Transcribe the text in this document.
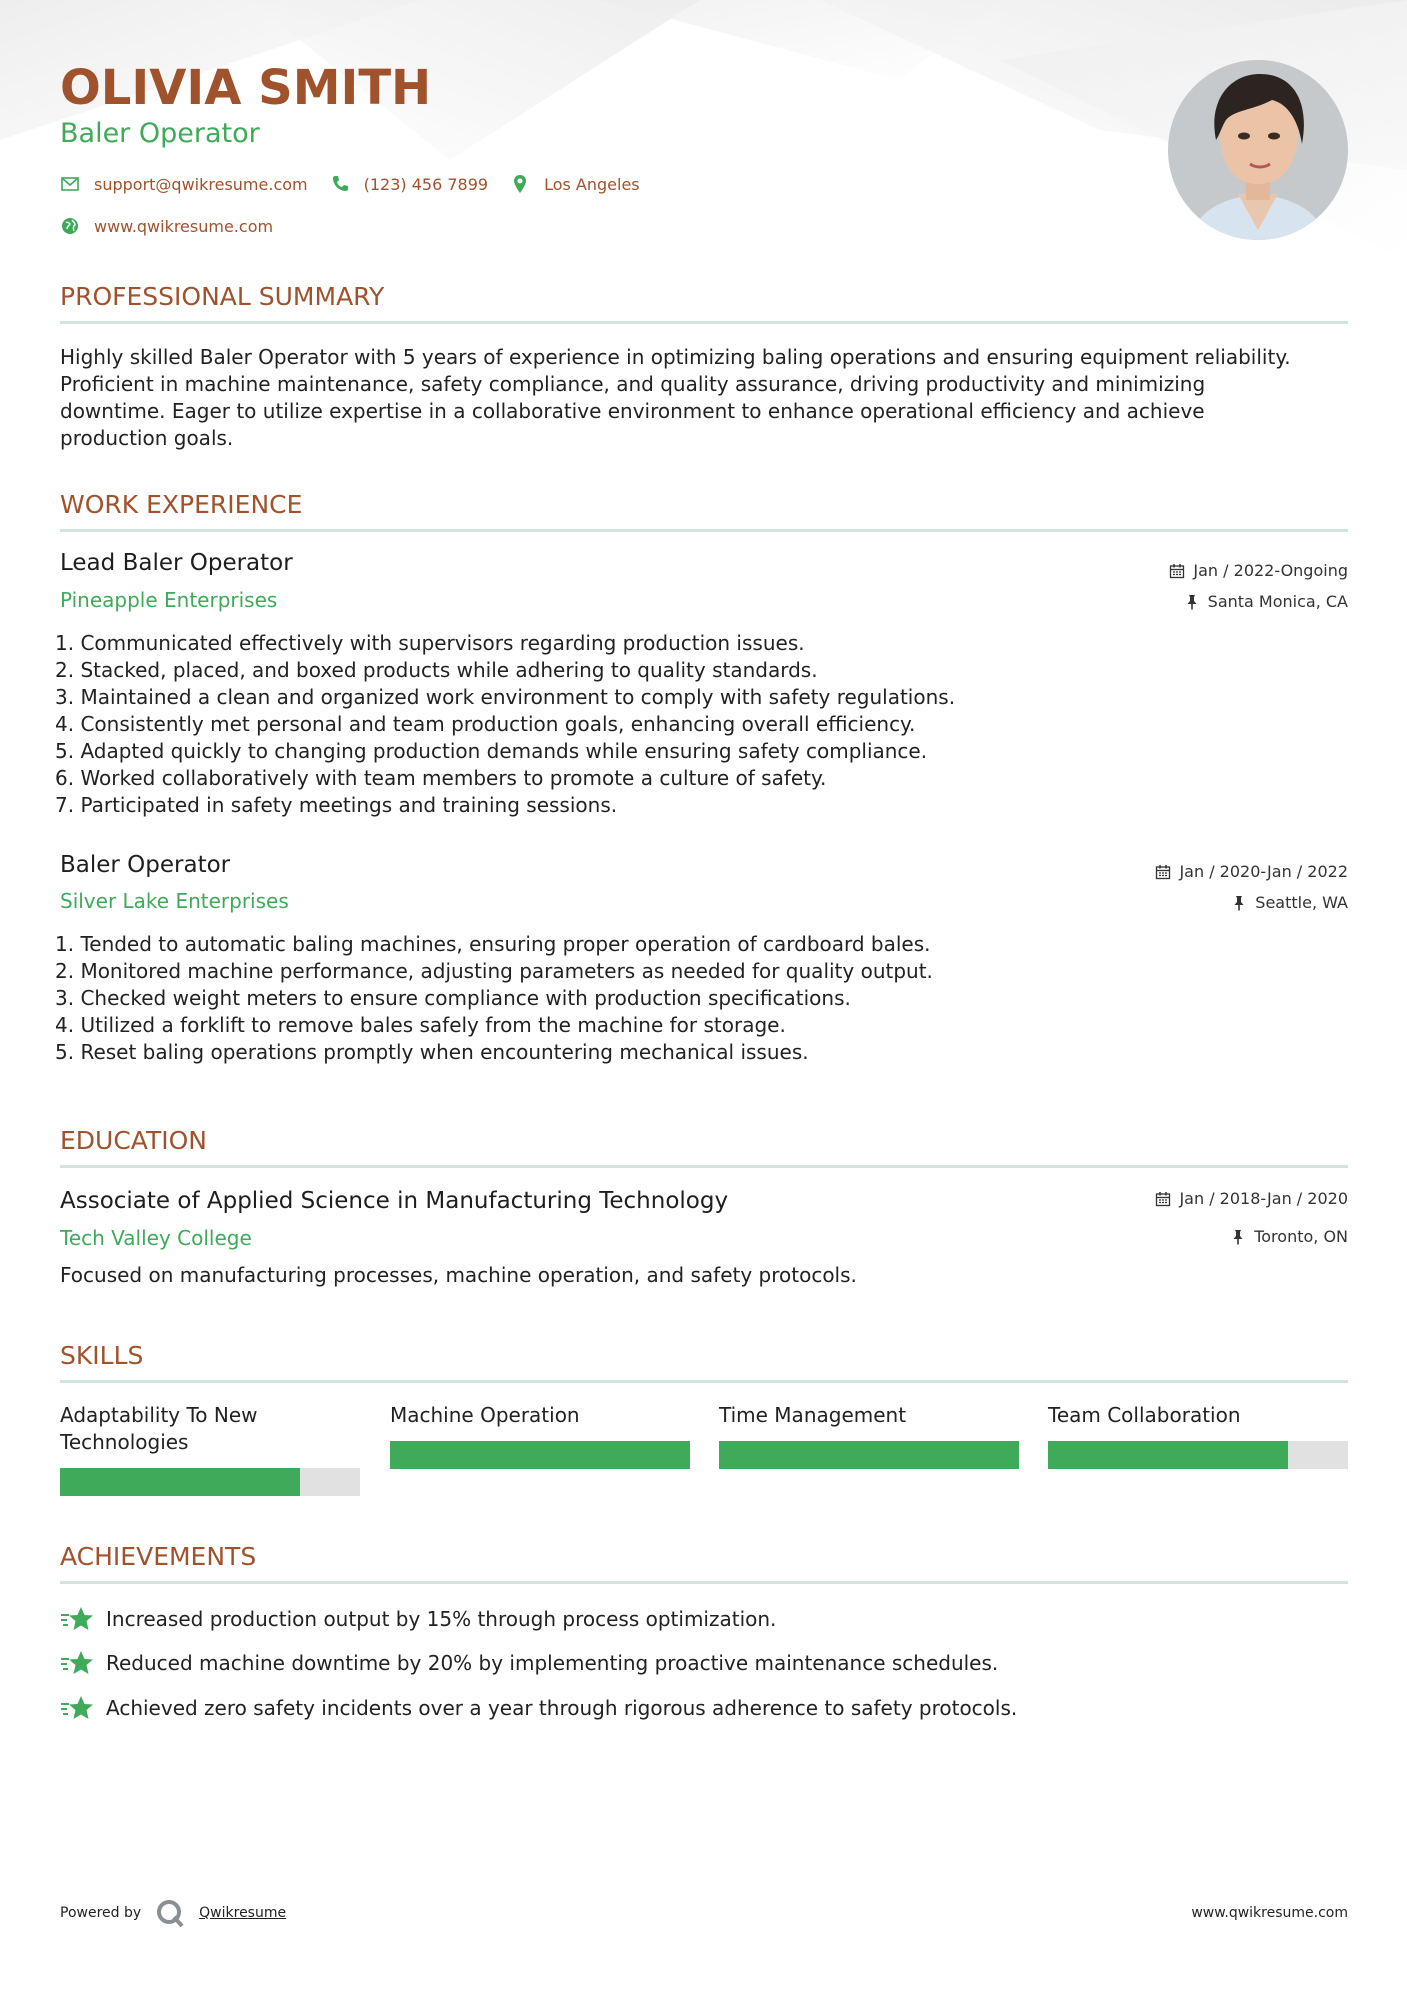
OLIVIA SMITH
Baler Operator
support@qwikresume.com	(123) 456 7899	Los Angeles
www.qwikresume.com
PROFESSIONAL SUMMARY
Highly skilled Baler Operator with 5 years of experience in optimizing baling operations and ensuring equipment reliability.
Proficient in machine maintenance, safety compliance, and quality assurance, driving productivity and minimizing
downtime. Eager to utilize expertise in a collaborative environment to enhance operational efficiency and achieve
production goals.
WORK EXPERIENCE
Lead Baler Operator
Pineapple Enterprises
Jan / 2022-Ongoing
Santa Monica, CA
1. Communicated effectively with supervisors regarding production issues.
2. Stacked, placed, and boxed products while adhering to quality standards.
3. Maintained a clean and organized work environment to comply with safety regulations.
4. Consistently met personal and team production goals, enhancing overall efficiency.
5. Adapted quickly to changing production demands while ensuring safety compliance.
6. Worked collaboratively with team members to promote a culture of safety.
7. Participated in safety meetings and training sessions.
Baler Operator
Silver Lake Enterprises
Jan / 2020-Jan / 2022
Seattle, WA
1. Tended to automatic baling machines, ensuring proper operation of cardboard bales.
2. Monitored machine performance, adjusting parameters as needed for quality output.
3. Checked weight meters to ensure compliance with production specifications.
4. Utilized a forklift to remove bales safely from the machine for storage.
5. Reset baling operations promptly when encountering mechanical issues.
EDUCATION
Associate of Applied Science in Manufacturing Technology
Tech Valley College
Jan / 2018-Jan / 2020
Toronto, ON
Focused on manufacturing processes, machine operation, and safety protocols.
SKILLS
Adaptability To New
Technologies
Machine Operation	Time Management	Team Collaboration
ACHIEVEMENTS
Increased production output by 15% through process optimization.
Reduced machine downtime by 20% by implementing proactive maintenance schedules.
Achieved zero safety incidents over a year through rigorous adherence to safety protocols.
Powered by	Qwikresume	www.qwikresume.com
